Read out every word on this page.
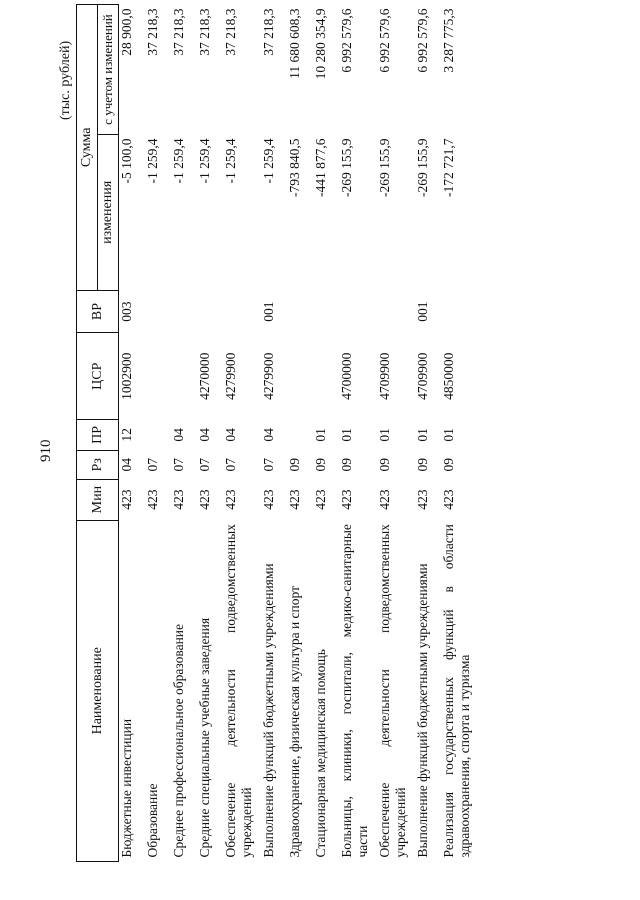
910
(тыс. рублей)
Наименование	Мин	Рз	ПР	ЦСР	ВР	Сумма	
						изменения	с учетом изменений

Бюджетные инвестиции	423	04	12	1002900	003	-5 100,0	28 900,0
Образование	423	07				-1 259,4	37 218,3
Среднее профессиональное образование	423	07	04			-1 259,4	37 218,3
Средние специальные учебные заведения	423	07	04	4270000		-1 259,4	37 218,3
Обеспечение деятельности подведомственных учреждений	423	07	04	4279900		-1 259,4	37 218,3
Выполнение функций бюджетными учреждениями	423	07	04	4279900	001	-1 259,4	37 218,3
Здравоохранение, физическая культура и спорт	423	09				-793 840,5	11 680 608,3
Стационарная медицинская помощь	423	09	01			-441 877,6	10 280 354,9
Больницы, клиники, госпитали, медико-санитарные части	423	09	01	4700000		-269 155,9	6 992 579,6
Обеспечение деятельности подведомственных учреждений	423	09	01	4709900		-269 155,9	6 992 579,6
Выполнение функций бюджетными учреждениями	423	09	01	4709900	001	-269 155,9	6 992 579,6
Реализация государственных функций в области здравоохранения, спорта и туризма	423	09	01	4850000		-172 721,7	3 287 775,3
